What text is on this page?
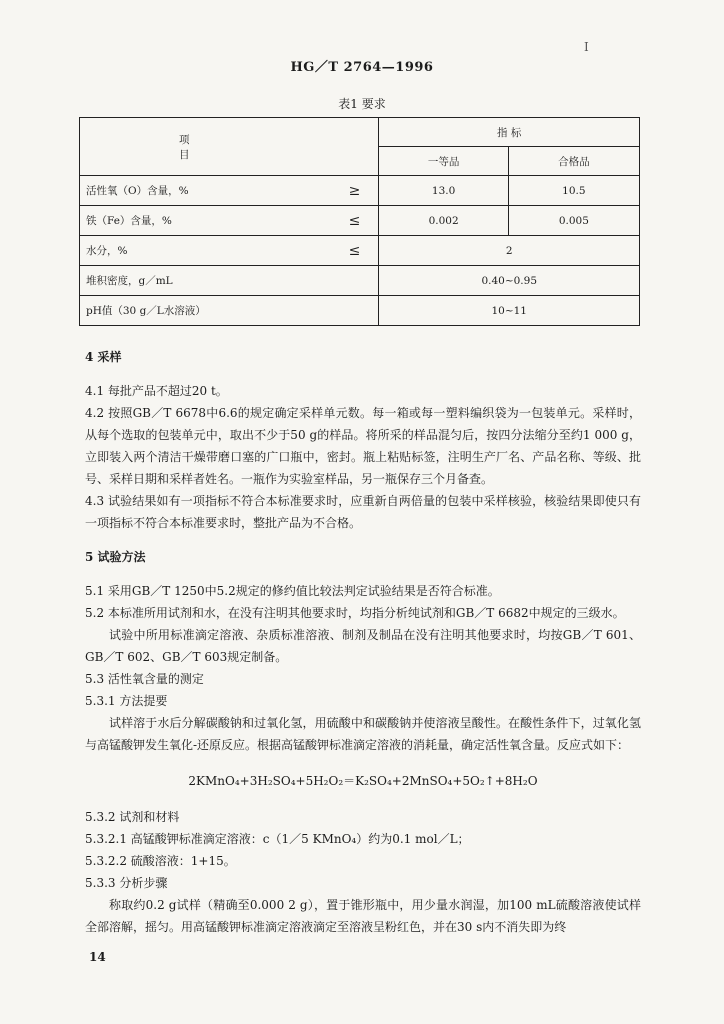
I
HG／T 2764—1996
表1 要求
项 目		指 标	
		一等品	合格品
活性氧（O）含量，%	≥	13.0	10.5
铁（Fe）含量，%	≤	0.002	0.005
水分，%	≤	2	
堆积密度，g／mL		0.40~0.95	
pH值（30 g／L水溶液）		10~11	
4 采样
4.1 每批产品不超过20 t。
4.2 按照GB／T 6678中6.6的规定确定采样单元数。每一箱或每一塑料编织袋为一包装单元。采样时，从每个选取的包装单元中，取出不少于50 g的样品。将所采的样品混匀后，按四分法缩分至约1 000 g，立即装入两个清洁干燥带磨口塞的广口瓶中，密封。瓶上粘贴标签，注明生产厂名、产品名称、等级、批号、采样日期和采样者姓名。一瓶作为实验室样品，另一瓶保存三个月备查。
4.3 试验结果如有一项指标不符合本标准要求时，应重新自两倍量的包装中采样核验，核验结果即使只有一项指标不符合本标准要求时，整批产品为不合格。
5 试验方法
5.1 采用GB／T 1250中5.2规定的修约值比较法判定试验结果是否符合标准。
5.2 本标准所用试剂和水，在没有注明其他要求时，均指分析纯试剂和GB／T 6682中规定的三级水。
试验中所用标准滴定溶液、杂质标准溶液、制剂及制品在没有注明其他要求时，均按GB／T 601、GB／T 602、GB／T 603规定制备。
5.3 活性氧含量的测定
5.3.1 方法提要
试样溶于水后分解碳酸钠和过氧化氢，用硫酸中和碳酸钠并使溶液呈酸性。在酸性条件下，过氧化氢与高锰酸钾发生氧化-还原反应。根据高锰酸钾标准滴定溶液的消耗量，确定活性氧含量。反应式如下：
2KMnO₄+3H₂SO₄+5H₂O₂＝K₂SO₄+2MnSO₄+5O₂↑+8H₂O
5.3.2 试剂和材料
5.3.2.1 高锰酸钾标准滴定溶液：c（1／5 KMnO₄）约为0.1 mol／L；
5.3.2.2 硫酸溶液：1+15。
5.3.3 分析步骤
称取约0.2 g试样（精确至0.000 2 g），置于锥形瓶中，用少量水润湿，加100 mL硫酸溶液使试样全部溶解，摇匀。用高锰酸钾标准滴定溶液滴定至溶液呈粉红色，并在30 s内不消失即为终
14
